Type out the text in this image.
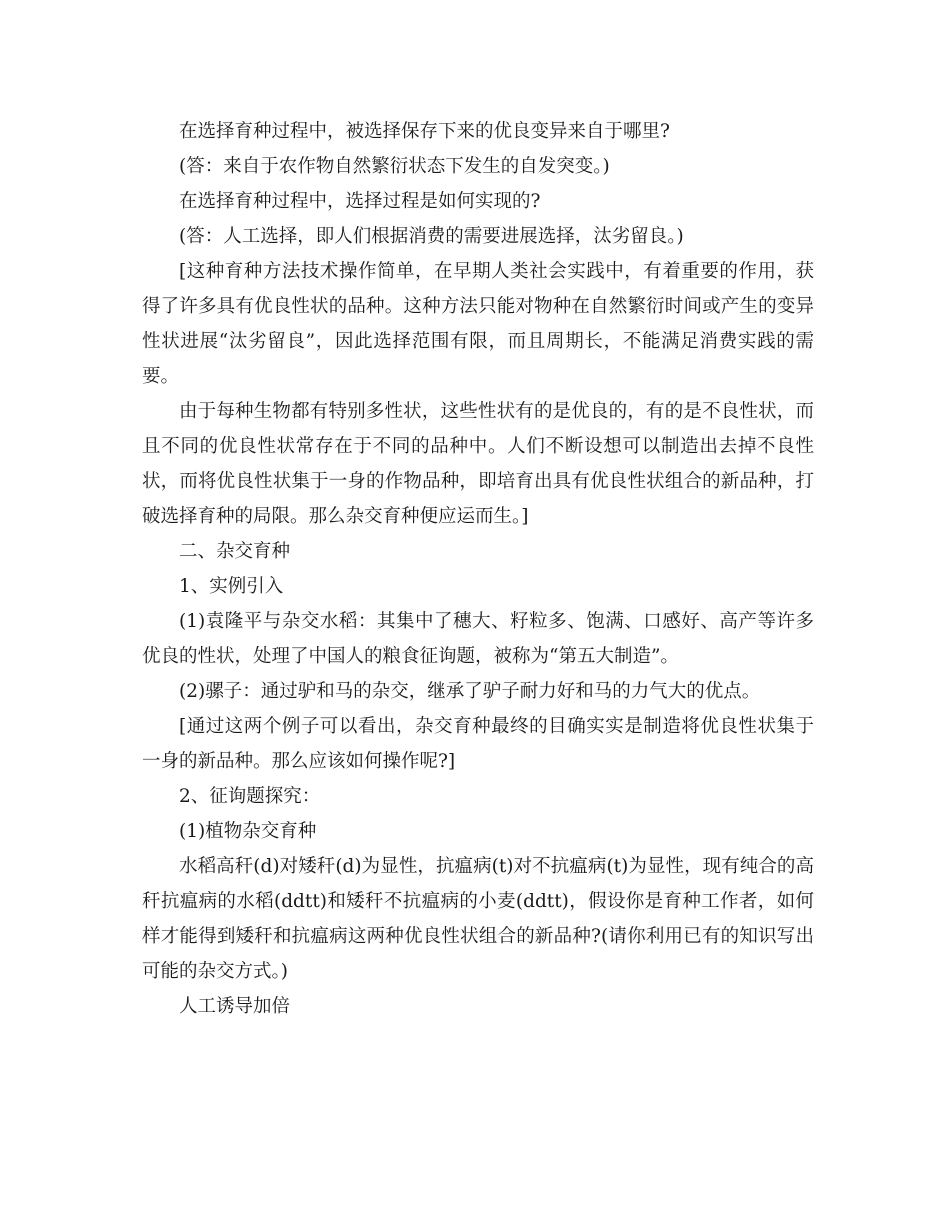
在选择育种过程中，被选择保存下来的优良变异来自于哪里?

(答：来自于农作物自然繁衍状态下发生的自发突变。)

在选择育种过程中，选择过程是如何实现的?

(答：人工选择，即人们根据消费的需要进展选择，汰劣留良。)

[这种育种方法技术操作简单，在早期人类社会实践中，有着重要的作用，获得了许多具有优良性状的品种。这种方法只能对物种在自然繁衍时间或产生的变异性状进展“汰劣留良”，因此选择范围有限，而且周期长，不能满足消费实践的需要。

由于每种生物都有特别多性状，这些性状有的是优良的，有的是不良性状，而且不同的优良性状常存在于不同的品种中。人们不断设想可以制造出去掉不良性状，而将优良性状集于一身的作物品种，即培育出具有优良性状组合的新品种，打破选择育种的局限。那么杂交育种便应运而生。]

二、杂交育种

1、实例引入

(1)袁隆平与杂交水稻：其集中了穗大、籽粒多、饱满、口感好、高产等许多优良的性状，处理了中国人的粮食征询题，被称为“第五大制造”。

(2)骡子：通过驴和马的杂交，继承了驴子耐力好和马的力气大的优点。

[通过这两个例子可以看出，杂交育种最终的目确实实是制造将优良性状集于一身的新品种。那么应该如何操作呢?]

2、征询题探究：

(1)植物杂交育种

水稻高秆(d)对矮秆(d)为显性，抗瘟病(t)对不抗瘟病(t)为显性，现有纯合的高秆抗瘟病的水稻(ddtt)和矮秆不抗瘟病的小麦(ddtt)，假设你是育种工作者，如何样才能得到矮秆和抗瘟病这两种优良性状组合的新品种?(请你利用已有的知识写出可能的杂交方式。)

人工诱导加倍
